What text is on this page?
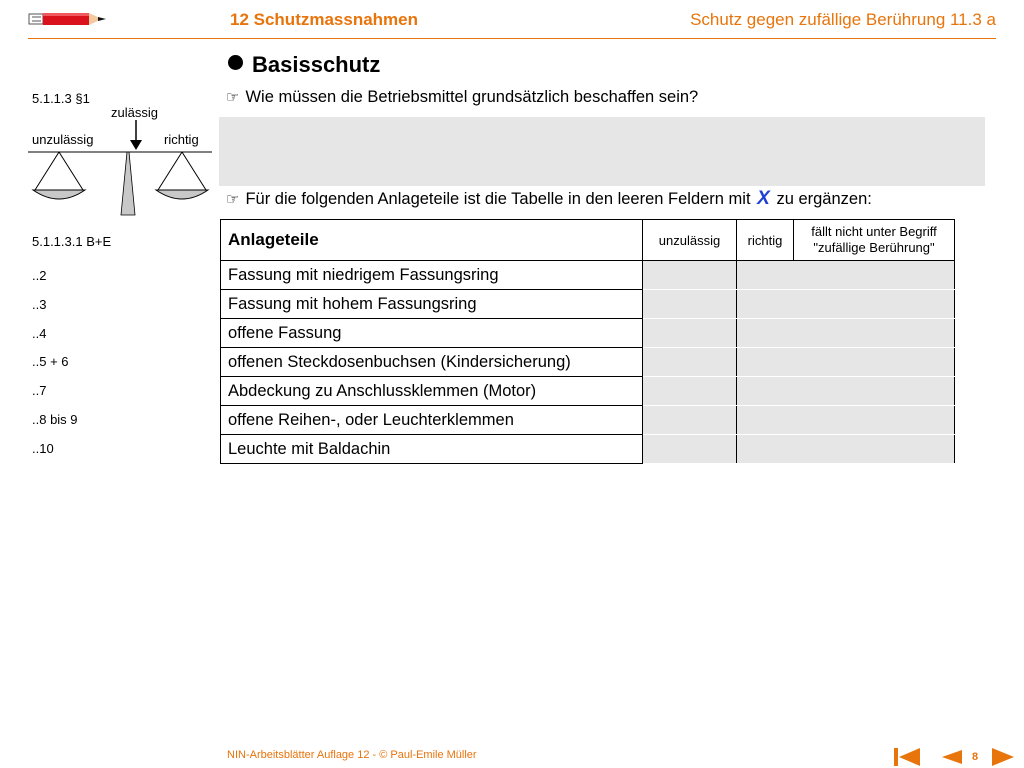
12 Schutzmassnahmen	Schutz gegen zufällige Berührung 11.3 a
Basisschutz
☞ Wie müssen die Betriebsmittel grundsätzlich beschaffen sein?
☞ Für die folgenden Anlageteile ist die Tabelle in den leeren Feldern mit X zu ergänzen:
5.1.1.3 §1
zulässig
unzulässig	richtig
5.1.1.3.1 B+E
..2
..3
..4
..5 + 6
..7
..8 bis 9
..10
Anlageteile	unzulässig	richtig	fällt nicht unter Begriff
"zufällige Berührung"
Fassung mit niedrigem Fassungsring			
Fassung mit hohem Fassungsring			
offene Fassung			
offenen Steckdosenbuchsen (Kindersicherung)			
Abdeckung zu Anschlussklemmen (Motor)			
offene Reihen-, oder Leuchterklemmen			
Leuchte mit Baldachin			
NIN-Arbeitsblätter Auflage 12 - © Paul-Emile Müller	8
